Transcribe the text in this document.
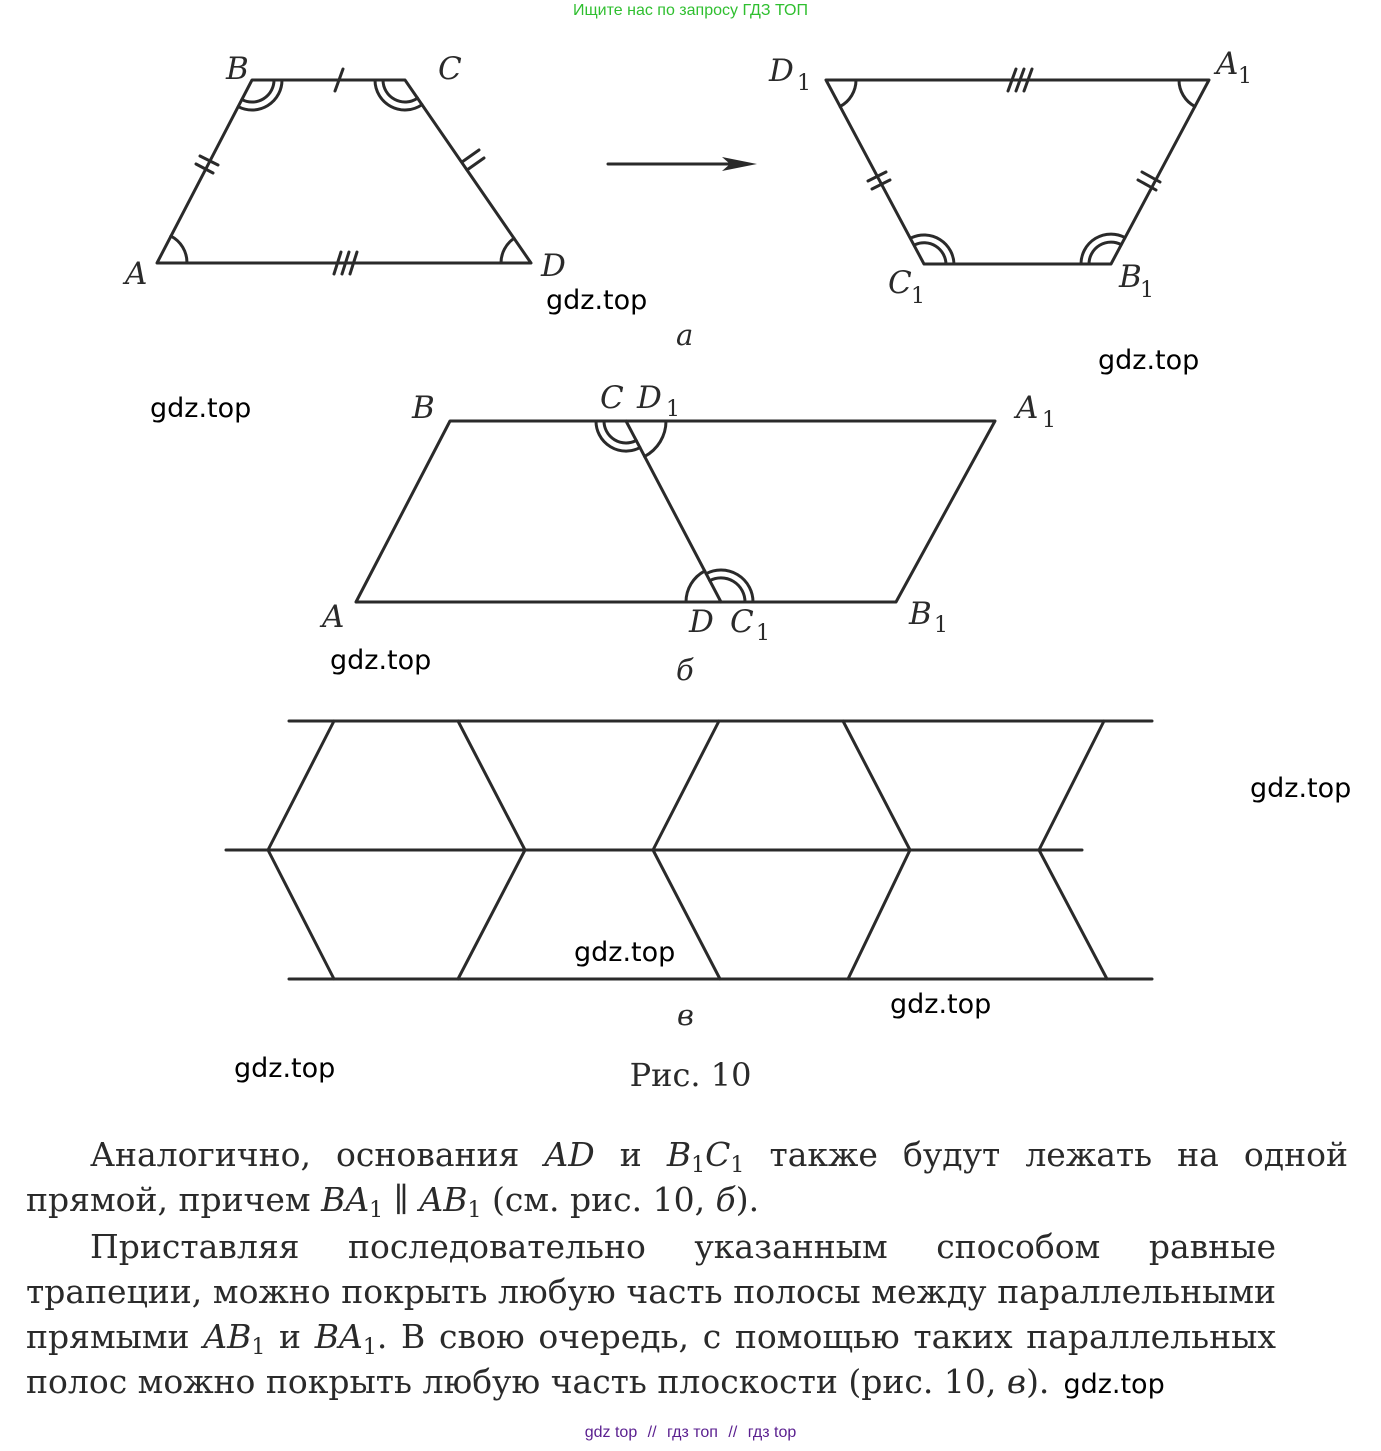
Ищите нас по запросу ГДЗ ТОП
A
B	C
D
D 1
A 1
C 1
B
1
а
B	C D 1	A 1
A	D C 1
B 1
б
в
gdz.top
gdz.top
gdz.top
gdz.top
gdz.top
gdz.top
gdz.top
gdz.top	Рис. 10
Аналогично, основания AD и $B_1C_1$ также будут лежать на одной прямой, причем $BA_1$ ∥ $AB_1$ (см. рис. 10, б).
Приставляя последовательно указанным способом равные трапеции, можно покрыть любую часть полосы между параллельными прямыми $AB_1$ и $BA_1$. В свою очередь, с помощью таких параллельных полос можно покрыть любую часть плоскости (рис. 10, в). gdz.top
gdz top // гдз топ // гдз top
